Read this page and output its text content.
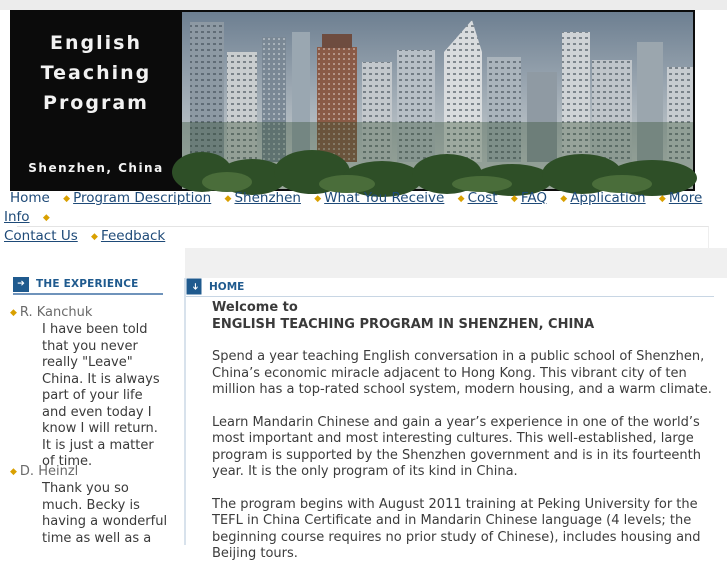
English
Teaching
Program
Shenzhen, China
Home ◆ Program Description ◆ Shenzhen ◆ What You Receive ◆ Cost ◆ FAQ ◆ Application ◆ More Info ◆
Contact Us ◆ Feedback
➔	THE EXPERIENCE
◆ R. Kanchuk
I have been told that you never really "Leave" China. It is always part of your life and even today I know I will return. It is just a matter of time.
◆ D. Heinzl
Thank you so much. Becky is having a wonderful time as well as a
➔ HOME
Welcome to
ENGLISH TEACHING PROGRAM IN SHENZHEN, CHINA

Spend a year teaching English conversation in a public school of Shenzhen, China’s economic miracle adjacent to Hong Kong. This vibrant city of ten million has a top-rated school system, modern housing, and a warm climate.

Learn Mandarin Chinese and gain a year’s experience in one of the world’s most important and most interesting cultures. This well-established, large program is supported by the Shenzhen government and is in its fourteenth year. It is the only program of its kind in China.

The program begins with August 2011 training at Peking University for the TEFL in China Certificate and in Mandarin Chinese language (4 levels; the beginning course requires no prior study of Chinese), includes housing and Beijing tours.
